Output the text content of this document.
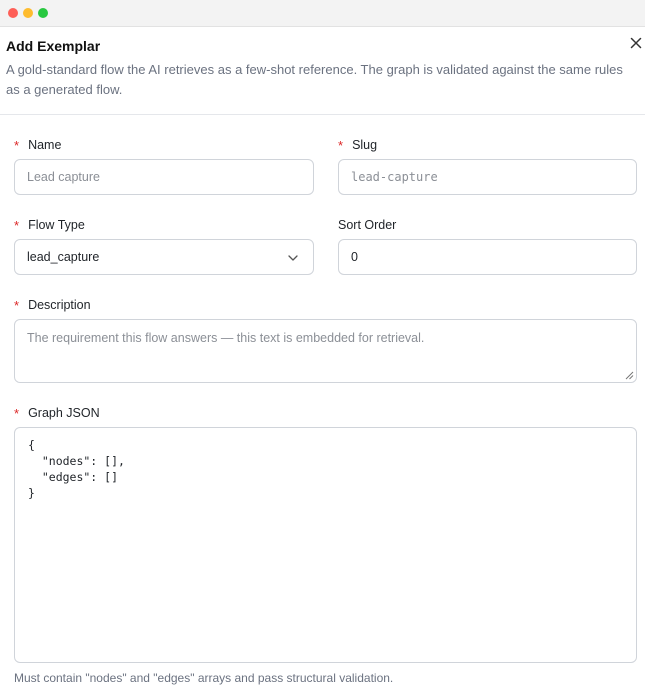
Add Exemplar
A gold-standard flow the AI retrieves as a few-shot reference. The graph is validated against the same rules as a generated flow.
* Name
Lead capture
* Slug
lead-capture
* Flow Type
lead_capture
Sort Order
0
* Description
The requirement this flow answers — this text is embedded for retrieval.
* Graph JSON
{
"nodes": [],
"edges": []
}
Must contain "nodes" and "edges" arrays and pass structural validation.
